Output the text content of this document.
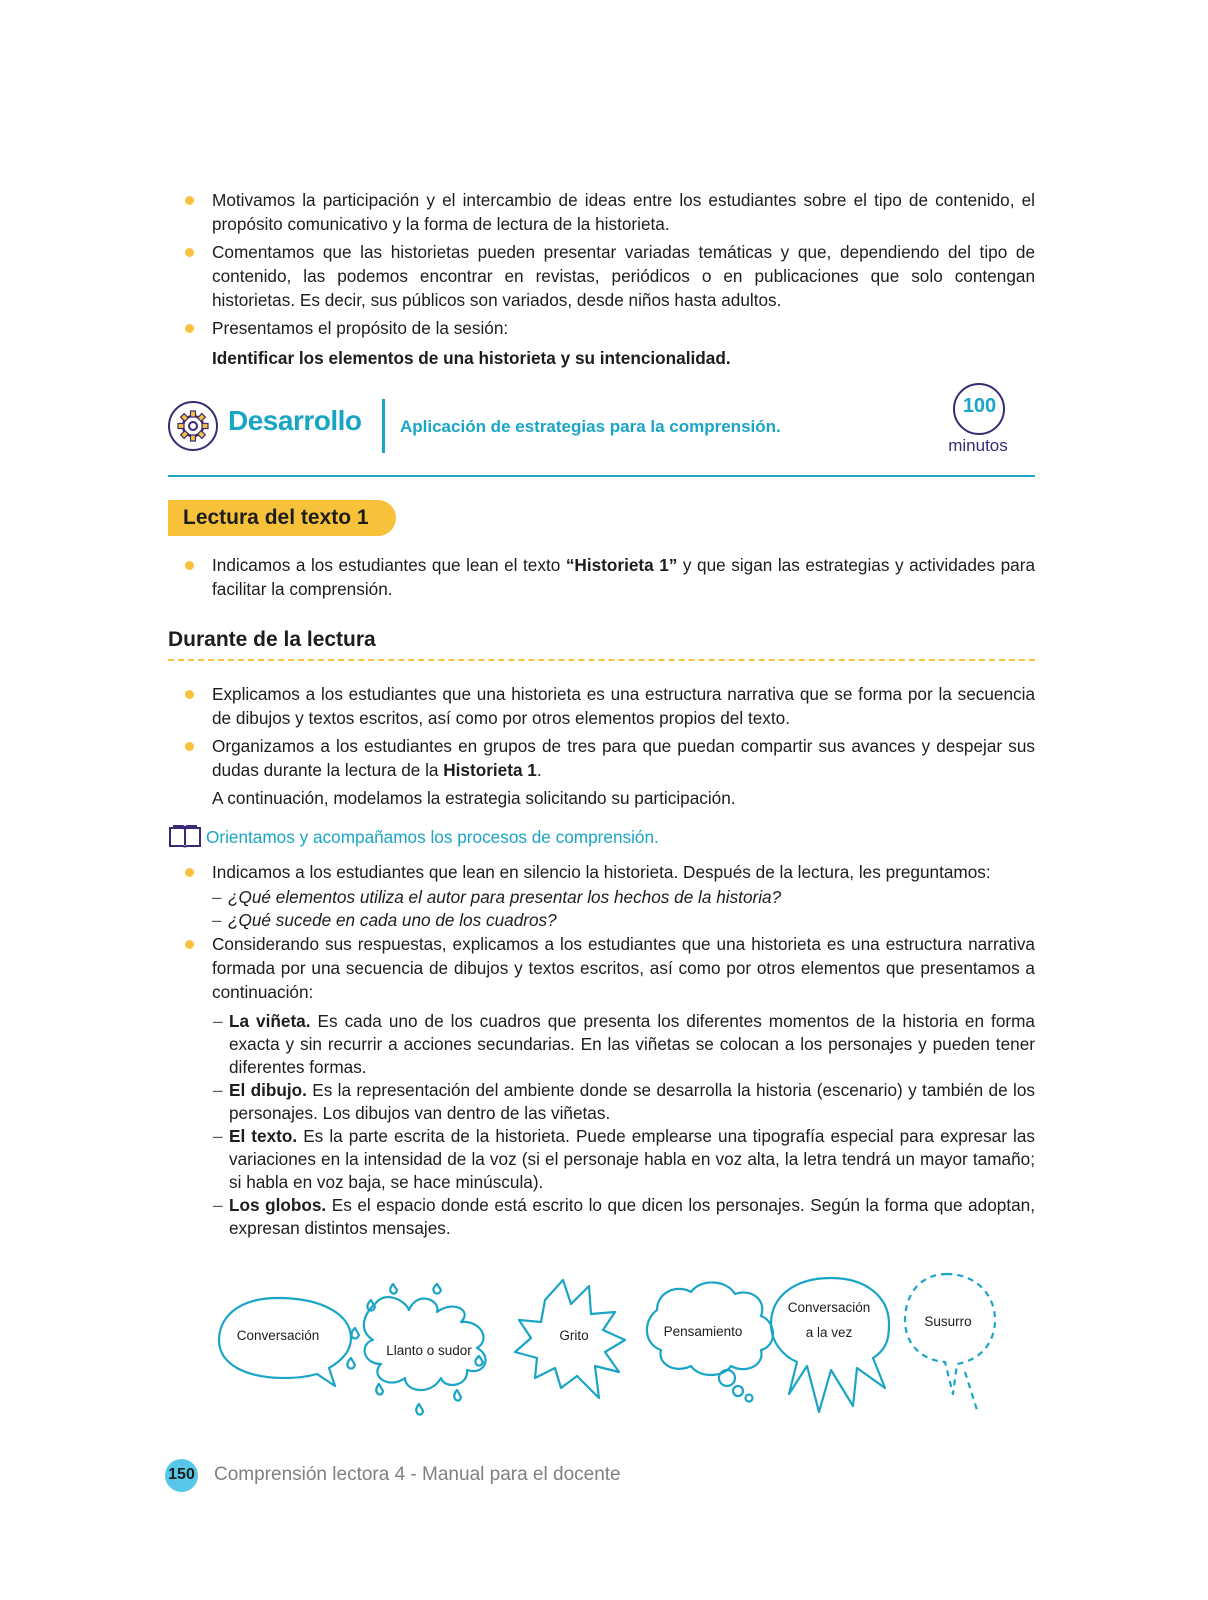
Motivamos la participación y el intercambio de ideas entre los estudiantes sobre el tipo de contenido, el propósito comunicativo y la forma de lectura de la historieta.
Comentamos que las historietas pueden presentar variadas temáticas y que, dependiendo del tipo de contenido, las podemos encontrar en revistas, periódicos o en publicaciones que solo contengan historietas. Es decir, sus públicos son variados, desde niños hasta adultos.
Presentamos el propósito de la sesión:
Identificar los elementos de una historieta y su intencionalidad.
Desarrollo Aplicación de estrategias para la comprensión.
100
minutos
Lectura del texto 1
Indicamos a los estudiantes que lean el texto “Historieta 1” y que sigan las estrategias y actividades para facilitar la comprensión.
Durante de la lectura
Explicamos a los estudiantes que una historieta es una estructura narrativa que se forma por la secuencia de dibujos y textos escritos, así como por otros elementos propios del texto.
Organizamos a los estudiantes en grupos de tres para que puedan compartir sus avances y despejar sus dudas durante la lectura de la Historieta 1.
A continuación, modelamos la estrategia solicitando su participación.
Orientamos y acompañamos los procesos de comprensión.
Indicamos a los estudiantes que lean en silencio la historieta. Después de la lectura, les preguntamos:
– ¿Qué elementos utiliza el autor para presentar los hechos de la historia?
– ¿Qué sucede en cada uno de los cuadros?
Considerando sus respuestas, explicamos a los estudiantes que una historieta es una estructura narrativa formada por una secuencia de dibujos y textos escritos, así como por otros elementos que presentamos a continuación:
– La viñeta. Es cada uno de los cuadros que presenta los diferentes momentos de la historia en forma exacta y sin recurrir a acciones secundarias. En las viñetas se colocan a los personajes y pueden tener diferentes formas.
– El dibujo. Es la representación del ambiente donde se desarrolla la historia (escenario) y también de los personajes. Los dibujos van dentro de las viñetas.
– El texto. Es la parte escrita de la historieta. Puede emplearse una tipografía especial para expresar las variaciones en la intensidad de la voz (si el personaje habla en voz alta, la letra tendrá un mayor tamaño; si habla en voz baja, se hace minúscula).
– Los globos. Es el espacio donde está escrito lo que dicen los personajes. Según la forma que adoptan, expresan distintos mensajes.
Conversación
Llanto o sudor
Grito	Pensamiento
Conversación
a la vez
Susurro
150 Comprensión lectora 4 - Manual para el docente
